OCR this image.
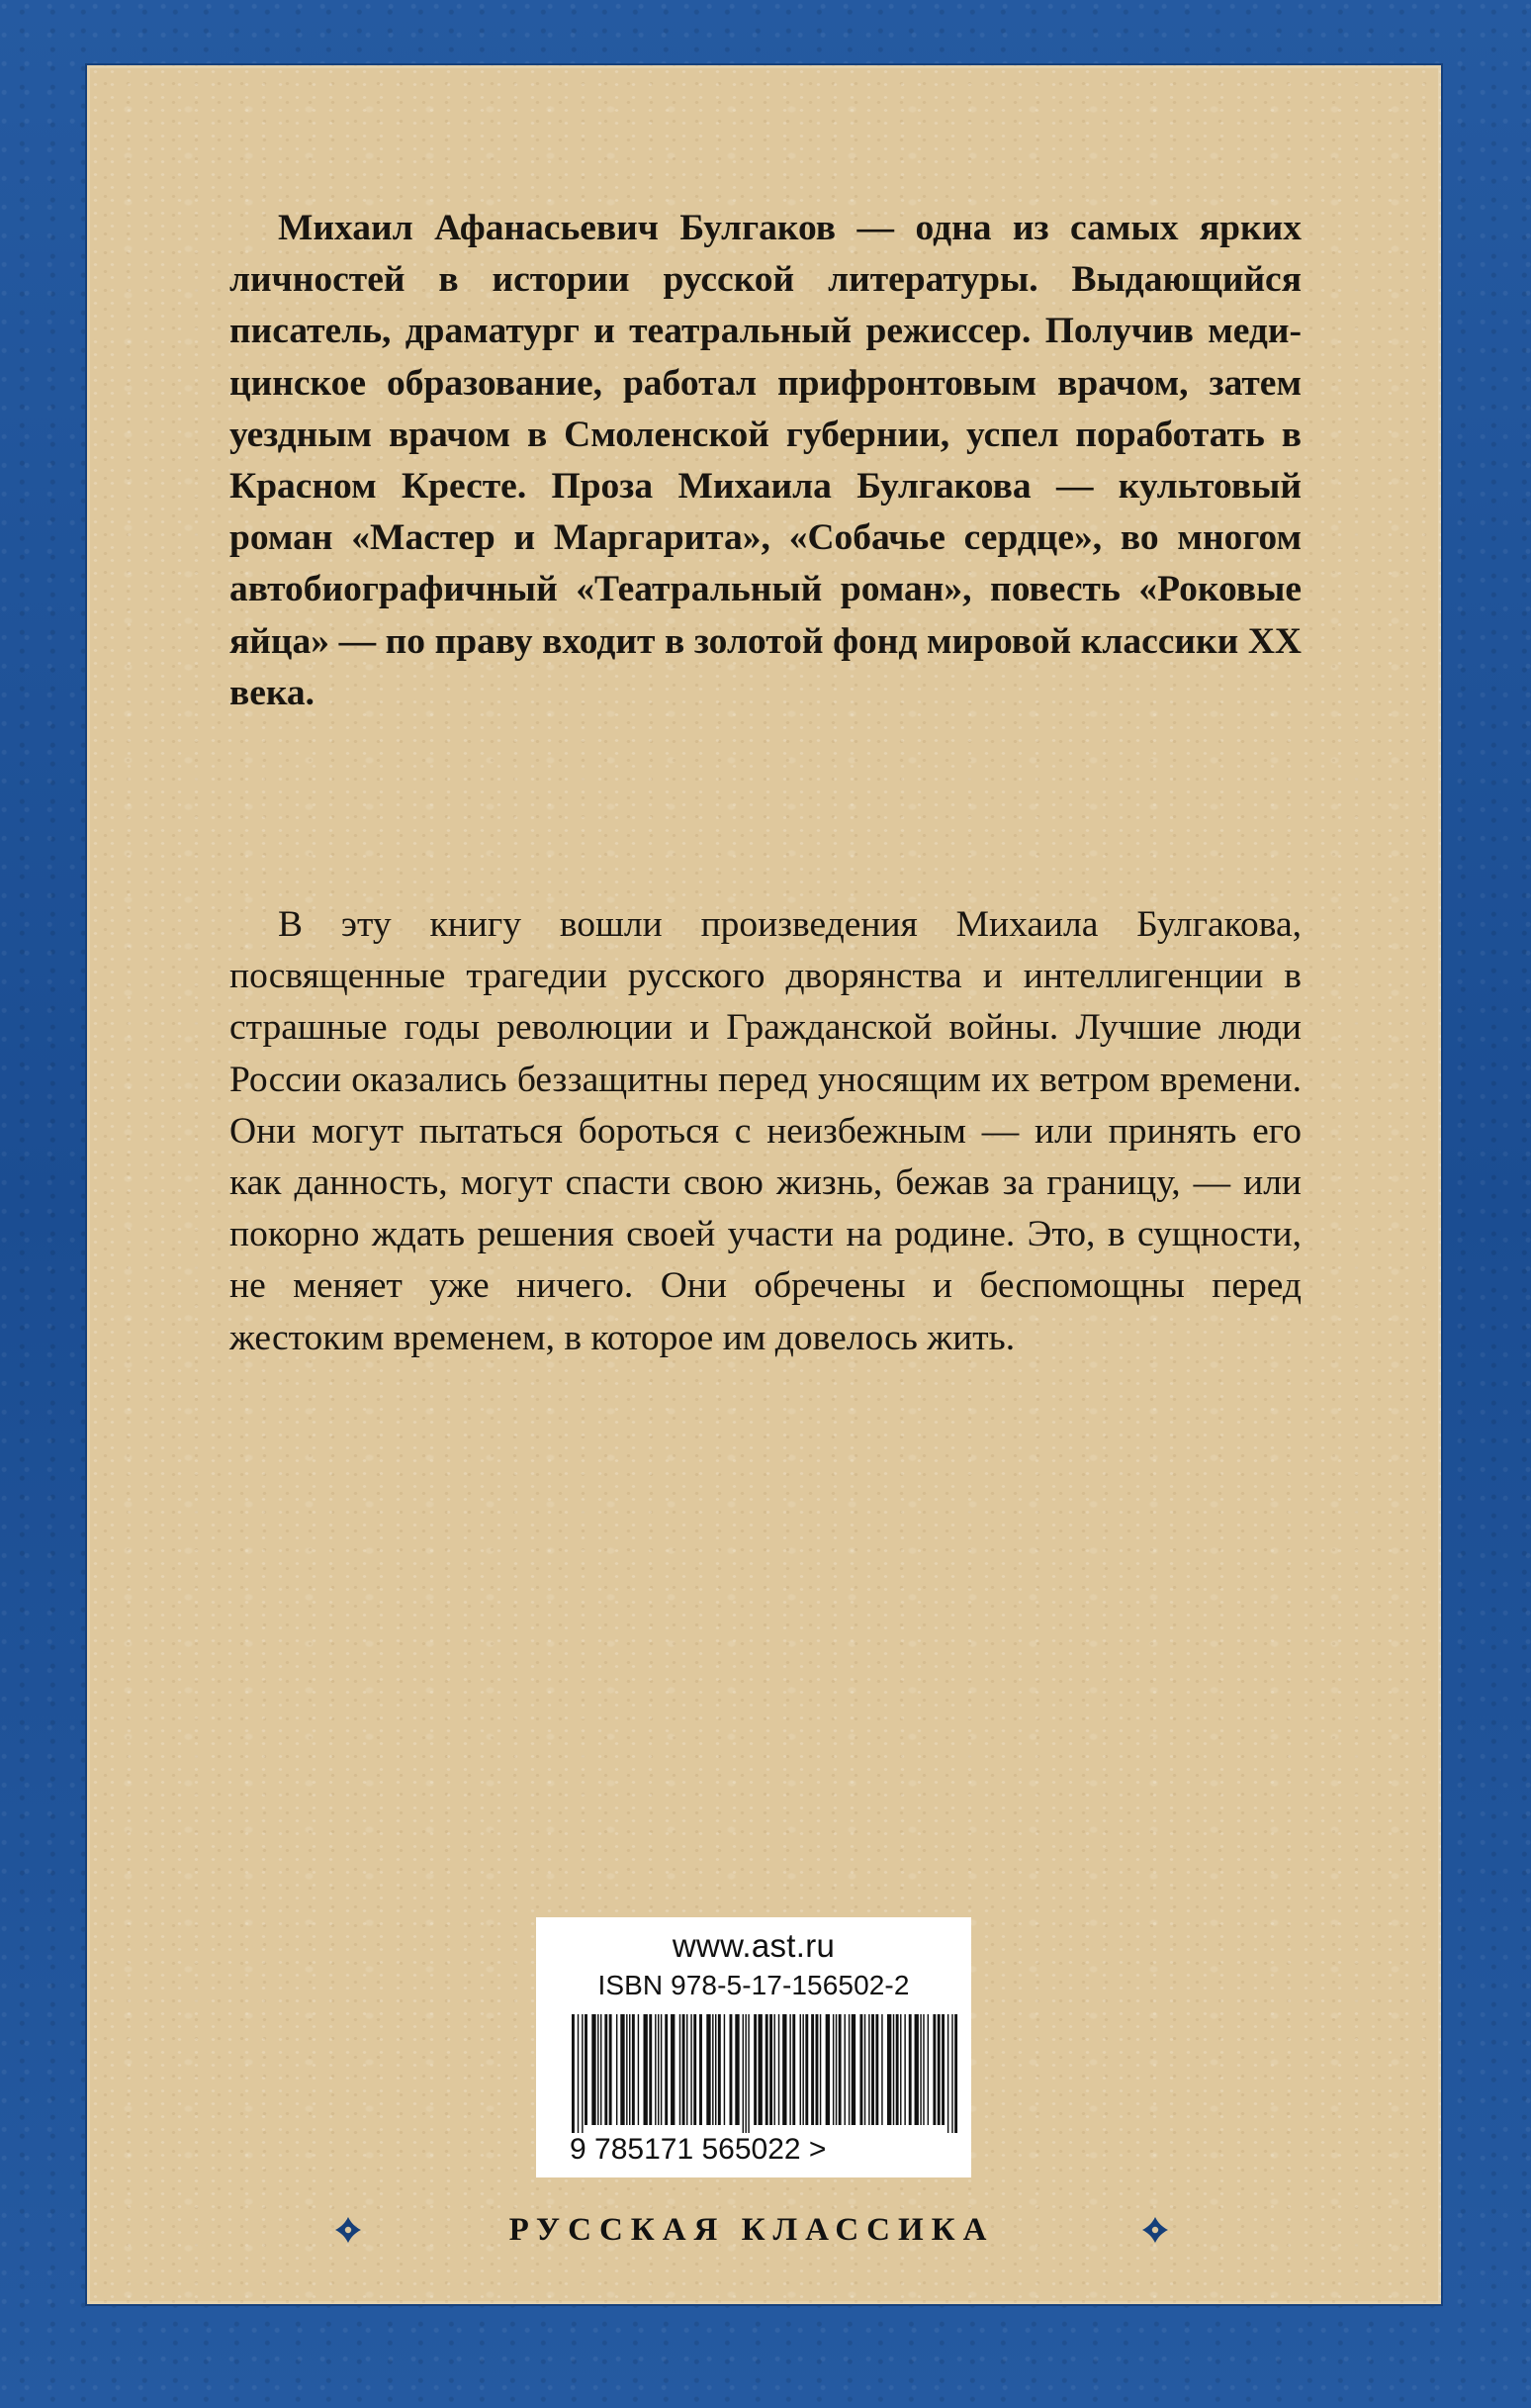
Михаил Афанасьевич Булгаков — одна из самых ярких личностей в истории русской литературы. Выдающийся писатель, драматург и театральный режиссер. Получив медицинское образование, работал прифронтовым врачом, затем уездным врачом в Смоленской губернии, успел поработать в Красном Кресте. Проза Михаила Булгакова — культовый роман «Мастер и Маргарита», «Собачье сердце», во многом автобиографичный «Театральный роман», повесть «Роковые яйца» — по праву входит в золотой фонд мировой классики XX века.

В эту книгу вошли произведения Михаила Булгакова, посвященные трагедии русского дворянства и интеллигенции в страшные годы революции и Гражданской войны. Лучшие люди России оказались беззащитны перед уносящим их ветром времени. Они могут пытаться бороться с неизбежным — или принять его как данность, могут спасти свою жизнь, бежав за границу, — или покорно ждать решения своей участи на родине. Это, в сущности, не меняет уже ничего. Они обречены и беспомощны перед жестоким временем, в которое им довелось жить.

www.ast.ru
ISBN 978-5-17-156502-2
9 785171 565022 >
РУССКАЯ КЛАССИКА
